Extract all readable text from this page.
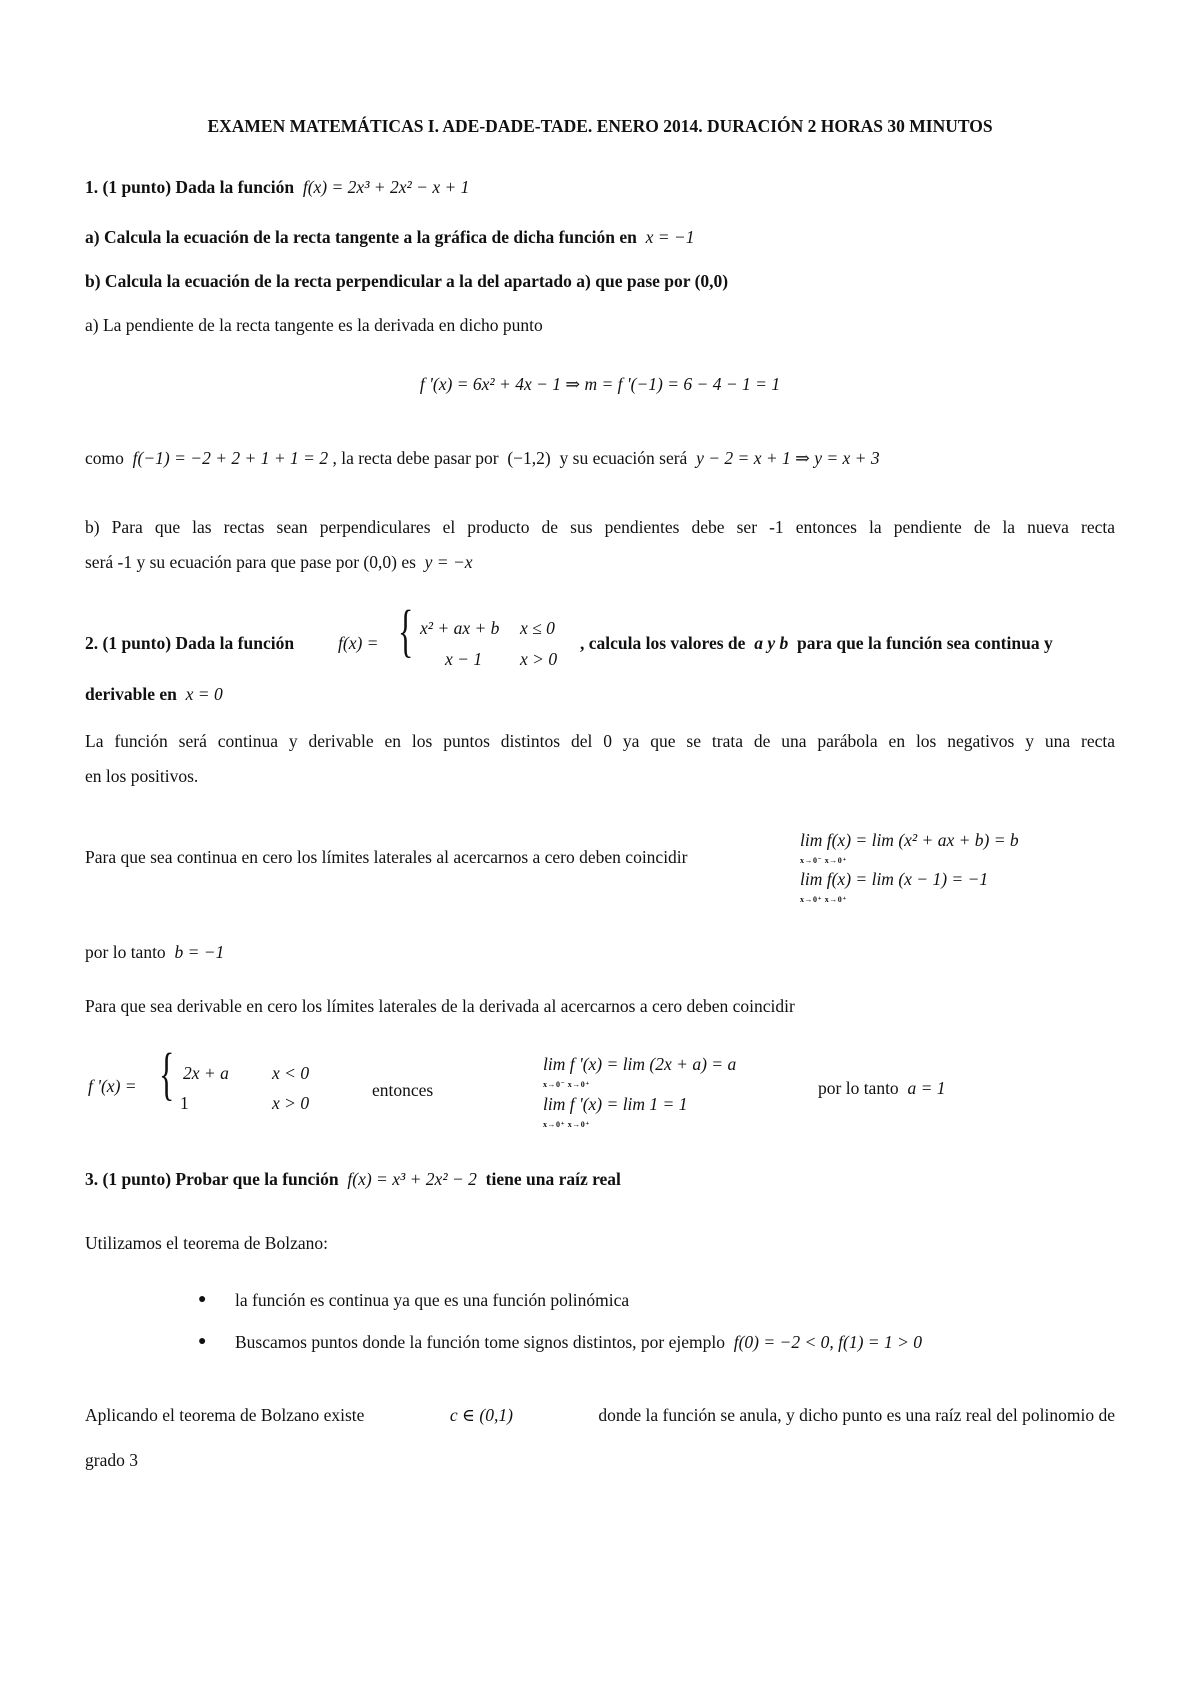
EXAMEN MATEMÁTICAS I. ADE-DADE-TADE. ENERO 2014. DURACIÓN 2 HORAS 30 MINUTOS
1. (1 punto) Dada la función f(x) = 2x³ + 2x² − x + 1
a) Calcula la ecuación de la recta tangente a la gráfica de dicha función en x = −1
b) Calcula la ecuación de la recta perpendicular a la del apartado a) que pase por (0,0)
a) La pendiente de la recta tangente es la derivada en dicho punto
f '(x) = 6x² + 4x − 1 ⇒ m = f '(−1) = 6 − 4 − 1 = 1
como f(−1) = −2 + 2 + 1 + 1 = 2 , la recta debe pasar por (−1,2) y su ecuación será y − 2 = x + 1 ⇒ y = x + 3
b) Para que las rectas sean perpendiculares el producto de sus pendientes debe ser -1 entonces la pendiente de la nueva recta
será -1 y su ecuación para que pase por (0,0) es y = −x
2. (1 punto) Dada la función	f(x) = { x² + ax + b x ≤ 0
x − 1 x > 0
, calcula los valores de a y b para que la función sea continua y
derivable en x = 0
La función será continua y derivable en los puntos distintos del 0 ya que se trata de una parábola en los negativos y una recta
en los positivos.
Para que sea continua en cero los límites laterales al acercarnos a cero deben coincidir
lim f(x) = lim (x² + ax + b) = b
x→0⁻ x→0⁺
lim f(x) = lim (x − 1) = −1
x→0⁺ x→0⁺
por lo tanto b = −1
Para que sea derivable en cero los límites laterales de la derivada al acercarnos a cero deben coincidir
f '(x) = { 2x + a x < 0
1	x > 0
entonces
lim f '(x) = lim (2x + a) = a
x→0⁻ x→0⁺
lim f '(x) = lim 1 = 1
x→0⁺ x→0⁺
por lo tanto a = 1
3. (1 punto) Probar que la función f(x) = x³ + 2x² − 2 tiene una raíz real
Utilizamos el teorema de Bolzano:
● la función es continua ya que es una función polinómica
● Buscamos puntos donde la función tome signos distintos, por ejemplo f(0) = −2 < 0, f(1) = 1 > 0
Aplicando el teorema de Bolzano existe	c ∈ (0,1)	donde la función se anula, y dicho punto es una raíz real del polinomio de
grado 3
